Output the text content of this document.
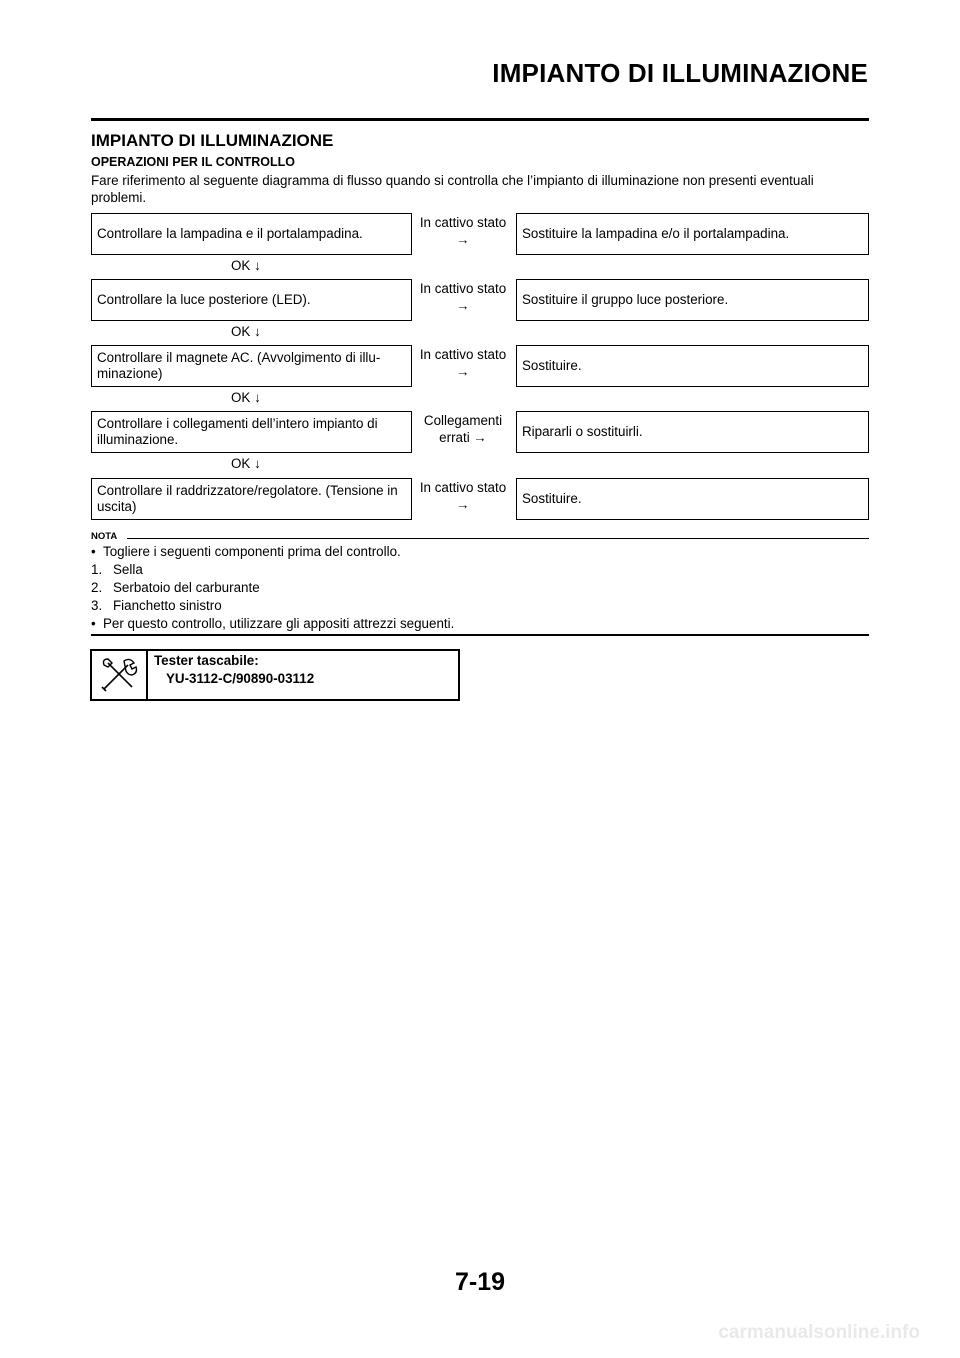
IMPIANTO DI ILLUMINAZIONE
IMPIANTO DI ILLUMINAZIONE
OPERAZIONI PER IL CONTROLLO
Fare riferimento al seguente diagramma di flusso quando si controlla che l’impianto di illuminazione non presenti eventuali problemi.
Controllare la lampadina e il portalampadina.
In cattivo stato
→	Sostituire la lampadina e/o il portalampadina.
OK ↓
Controllare la luce posteriore (LED).
In cattivo stato
→	Sostituire il gruppo luce posteriore.
OK ↓
Controllare il magnete AC. (Avvolgimento di illu-minazione)
In cattivo stato
→	Sostituire.
OK ↓
Controllare i collegamenti dell’intero impianto di illuminazione.
Collegamenti errati →	Ripararli o sostituirli.
OK ↓
Controllare il raddrizzatore/regolatore. (Tensione in uscita)
In cattivo stato
→	Sostituire.
NOTA
• Togliere i seguenti componenti prima del controllo.
1. Sella
2. Serbatoio del carburante
3. Fianchetto sinistro
• Per questo controllo, utilizzare gli appositi attrezzi seguenti.
Tester tascabile:
YU-3112-C/90890-03112
7-19
carmanualsonline.info
